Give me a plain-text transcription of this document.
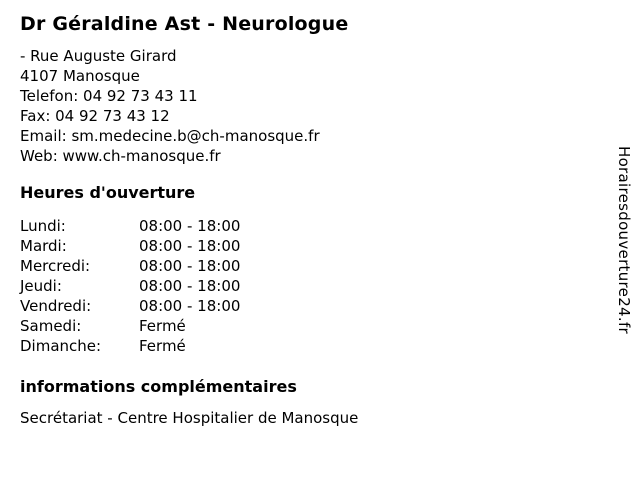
Dr Géraldine Ast - Neurologue
- Rue Auguste Girard
4107 Manosque
Telefon: 04 92 73 43 11
Fax: 04 92 73 43 12
Email: sm.medecine.b@ch-manosque.fr
Web: www.ch-manosque.fr
Heures d'ouverture
Lundi:	08:00 - 18:00
Mardi:	08:00 - 18:00
Mercredi:	08:00 - 18:00
Jeudi:	08:00 - 18:00
Vendredi:	08:00 - 18:00
Samedi:	Fermé
Dimanche:	Fermé
informations complémentaires
Secrétariat - Centre Hospitalier de Manosque
Horairesdouverture24.fr
